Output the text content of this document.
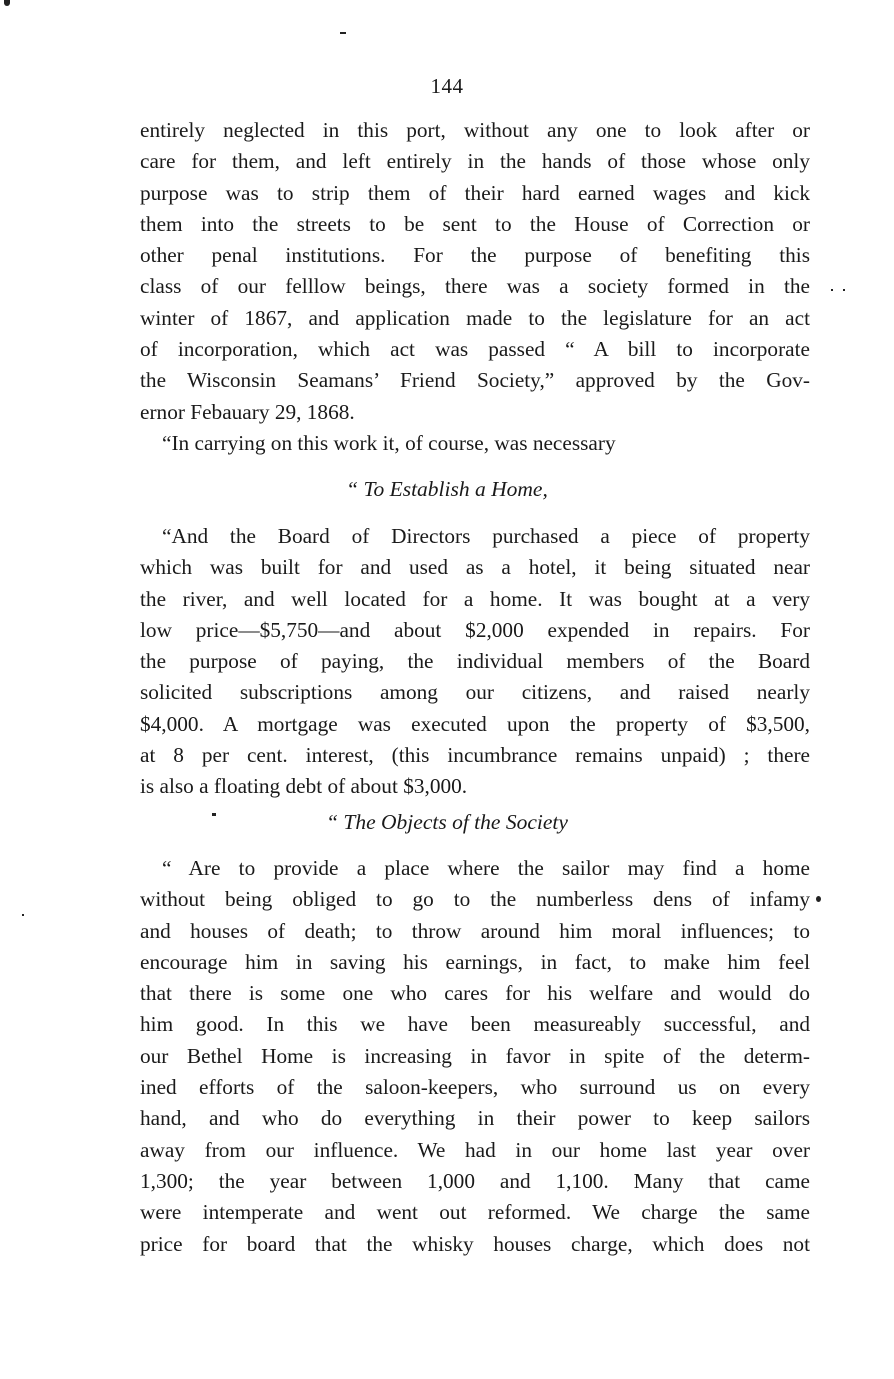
144
entirely neglected in this port, without any one to look after or
care for them, and left entirely in the hands of those whose only
purpose was to strip them of their hard earned wages and kick
them into the streets to be sent to the House of Correction or
other penal institutions. For the purpose of benefiting this
class of our felllow beings, there was a society formed in the
winter of 1867, and application made to the legislature for an act
of incorporation, which act was passed “ A bill to incorporate
the Wisconsin Seamans’ Friend Society,” approved by the Gov-
ernor Febauary 29, 1868.
“In carrying on this work it, of course, was necessary
“ To Establish a Home,
“And the Board of Directors purchased a piece of property
which was built for and used as a hotel, it being situated near
the river, and well located for a home. It was bought at a very
low price—$5,750—and about $2,000 expended in repairs. For
the purpose of paying, the individual members of the Board
solicited subscriptions among our citizens, and raised nearly
$4,000. A mortgage was executed upon the property of $3,500,
at 8 per cent. interest, (this incumbrance remains unpaid) ; there
is also a floating debt of about $3,000.
“ The Objects of the Society
“ Are to provide a place where the sailor may find a home
without being obliged to go to the numberless dens of infamy
and houses of death; to throw around him moral influences; to
encourage him in saving his earnings, in fact, to make him feel
that there is some one who cares for his welfare and would do
him good. In this we have been measureably successful, and
our Bethel Home is increasing in favor in spite of the determ-
ined efforts of the saloon-keepers, who surround us on every
hand, and who do everything in their power to keep sailors
away from our influence. We had in our home last year over
1,300; the year between 1,000 and 1,100. Many that came
were intemperate and went out reformed. We charge the same
price for board that the whisky houses charge, which does not
